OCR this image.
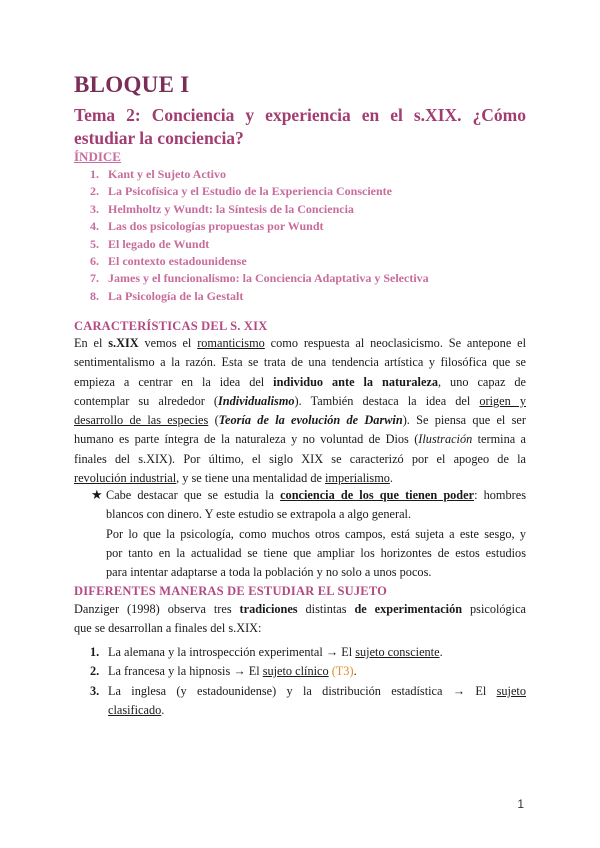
BLOQUE I
Tema 2: Conciencia y experiencia en el s.XIX. ¿Cómo estudiar la conciencia?
ÍNDICE
1. Kant y el Sujeto Activo
2. La Psicofísica y el Estudio de la Experiencia Consciente
3. Helmholtz y Wundt: la Síntesis de la Conciencia
4. Las dos psicologías propuestas por Wundt
5. El legado de Wundt
6. El contexto estadounidense
7. James y el funcionalismo: la Conciencia Adaptativa y Selectiva
8. La Psicología de la Gestalt
CARACTERÍSTICAS DEL S. XIX
En el s.XIX vemos el romanticismo como respuesta al neoclasicismo. Se antepone el
sentimentalismo a la razón. Esta se trata de una tendencia artística y filosófica que se
empieza a centrar en la idea del individuo ante la naturaleza, uno capaz de
contemplar su alrededor (Individualismo). También destaca la idea del origen y
desarrollo de las especies (Teoría de la evolución de Darwin). Se piensa que el ser
humano es parte íntegra de la naturaleza y no voluntad de Dios (Ilustración termina a
finales del s.XIX). Por último, el siglo XIX se caracterizó por el apogeo de la
revolución industrial, y se tiene una mentalidad de imperialismo.
★ Cabe destacar que se estudia la conciencia de los que tienen poder: hombres
blancos con dinero. Y este estudio se extrapola a algo general.
Por lo que la psicología, como muchos otros campos, está sujeta a este sesgo, y
por tanto en la actualidad se tiene que ampliar los horizontes de estos estudios
para intentar adaptarse a toda la población y no solo a unos pocos.
DIFERENTES MANERAS DE ESTUDIAR EL SUJETO
Danziger (1998) observa tres tradiciones distintas de experimentación psicológica
que se desarrollan a finales del s.XIX:
1. La alemana y la introspección experimental → El sujeto consciente.
2. La francesa y la hipnosis → El sujeto clínico (T3).
3. La inglesa (y estadounidense) y la distribución estadística → El sujeto
clasificado.
1
